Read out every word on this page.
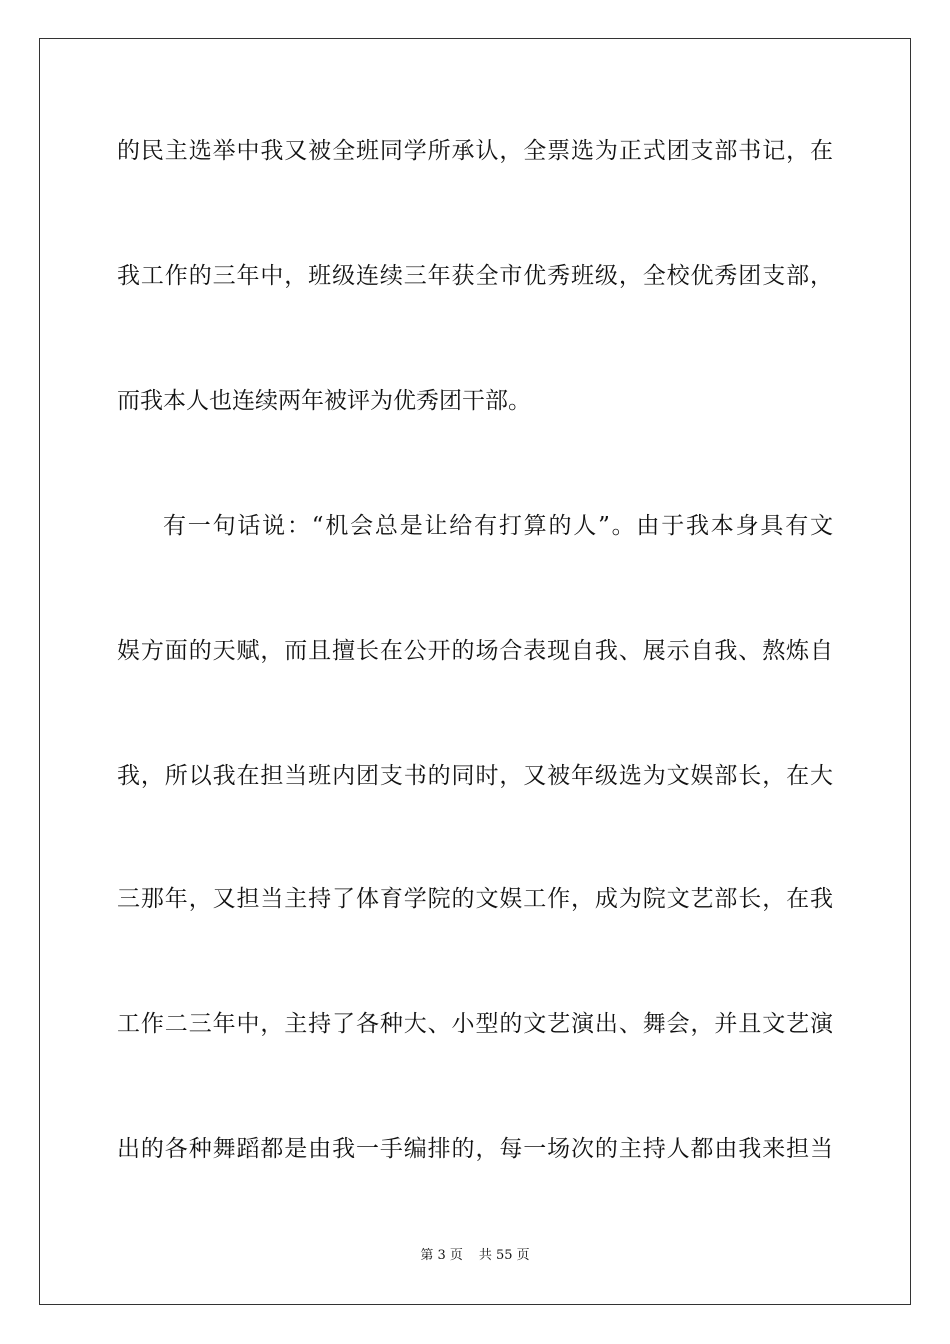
的民主选举中我又被全班同学所承认，全票选为正式团支部书记，在
我工作的三年中，班级连续三年获全市优秀班级，全校优秀团支部，
而我本人也连续两年被评为优秀团干部。
有一句话说：“机会总是让给有打算的人”。由于我本身具有文
娱方面的天赋，而且擅长在公开的场合表现自我、展示自我、熬炼自
我，所以我在担当班内团支书的同时，又被年级选为文娱部长，在大
三那年，又担当主持了体育学院的文娱工作，成为院文艺部长，在我
工作二三年中，主持了各种大、小型的文艺演出、舞会，并且文艺演
出的各种舞蹈都是由我一手编排的，每一场次的主持人都由我来担当
第 3 页 共 55 页
